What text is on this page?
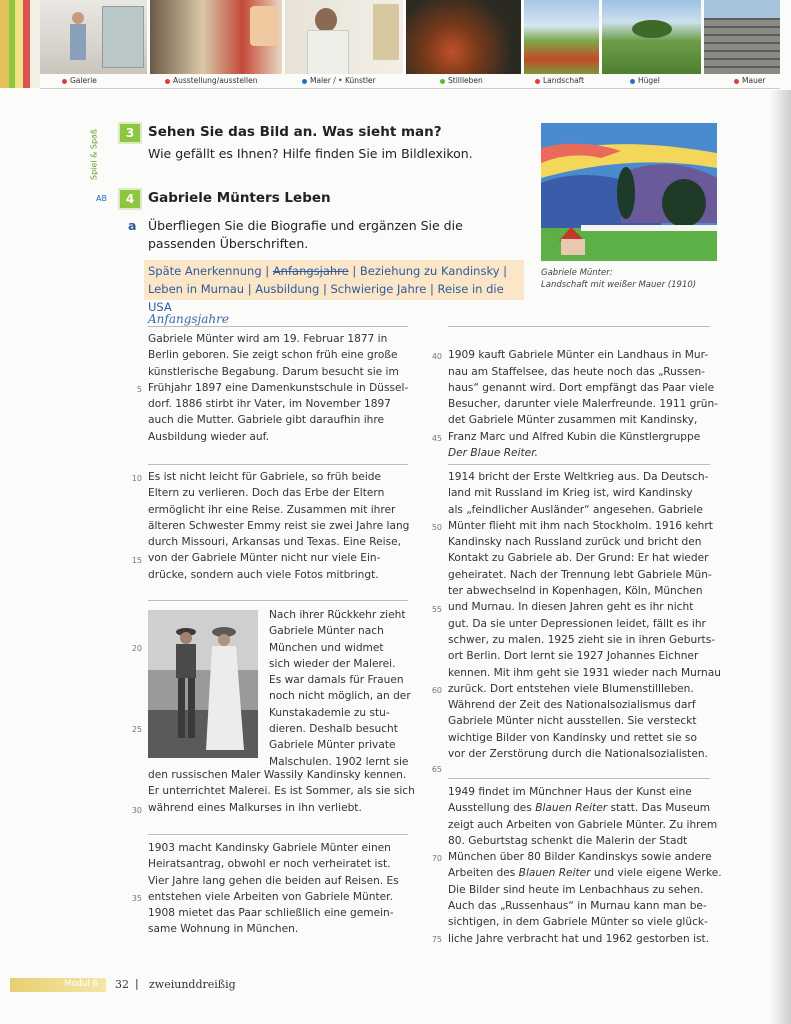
Galerie	Ausstellung/ausstellen	Maler / • Künstler	Stillleben	Landschaft	Hügel	Mauer
Spiel & Spaß
AB
3	Sehen Sie das Bild an. Was sieht man?
Wie gefällt es Ihnen? Hilfe finden Sie im Bildlexikon.
4	Gabriele Münters Leben
a Überfliegen Sie die Biografie und ergänzen Sie die
passenden Überschriften.
Späte Anerkennung | Anfangsjahre | Beziehung zu Kandinsky |
Leben in Murnau | Ausbildung | Schwierige Jahre | Reise in die USA
Gabriele Münter:
Landschaft mit weißer Mauer (1910)
Anfangsjahre
Gabriele Münter wird am 19. Februar 1877 in
Berlin geboren. Sie zeigt schon früh eine große
künstlerische Begabung. Darum besucht sie im
Frühjahr 1897 eine Damenkunstschule in Düssel-
dorf. 1886 stirbt ihr Vater, im November 1897
auch die Mutter. Gabriele gibt daraufhin ihre
Ausbildung wieder auf.
Es ist nicht leicht für Gabriele, so früh beide
Eltern zu verlieren. Doch das Erbe der Eltern
ermöglicht ihr eine Reise. Zusammen mit ihrer
älteren Schwester Emmy reist sie zwei Jahre lang
durch Missouri, Arkansas und Texas. Eine Reise,
von der Gabriele Münter nicht nur viele Ein-
drücke, sondern auch viele Fotos mitbringt.
Nach ihrer Rückkehr zieht
Gabriele Münter nach
München und widmet
sich wieder der Malerei.
Es war damals für Frauen
noch nicht möglich, an der
Kunstakademie zu stu-
dieren. Deshalb besucht
Gabriele Münter private
Malschulen. 1902 lernt sie
den russischen Maler Wassily Kandinsky kennen.
Er unterrichtet Malerei. Es ist Sommer, als sie sich
während eines Malkurses in ihn verliebt.
1903 macht Kandinsky Gabriele Münter einen
Heiratsantrag, obwohl er noch verheiratet ist.
Vier Jahre lang gehen die beiden auf Reisen. Es
entstehen viele Arbeiten von Gabriele Münter.
1908 mietet das Paar schließlich eine gemein-
same Wohnung in München.

1909 kauft Gabriele Münter ein Landhaus in Mur-
nau am Staffelsee, das heute noch das „Russen-
haus“ genannt wird. Dort empfängt das Paar viele
Besucher, darunter viele Malerfreunde. 1911 grün-
det Gabriele Münter zusammen mit Kandinsky,
Franz Marc und Alfred Kubin die Künstlergruppe
Der Blaue Reiter.

1914 bricht der Erste Weltkrieg aus. Da Deutsch-
land mit Russland im Krieg ist, wird Kandinsky
als „feindlicher Ausländer“ angesehen. Gabriele
Münter flieht mit ihm nach Stockholm. 1916 kehrt
Kandinsky nach Russland zurück und bricht den
Kontakt zu Gabriele ab. Der Grund: Er hat wieder
geheiratet. Nach der Trennung lebt Gabriele Mün-
ter abwechselnd in Kopenhagen, Köln, München
und Murnau. In diesen Jahren geht es ihr nicht
gut. Da sie unter Depressionen leidet, fällt es ihr
schwer, zu malen. 1925 zieht sie in ihren Geburts-
ort Berlin. Dort lernt sie 1927 Johannes Eichner
kennen. Mit ihm geht sie 1931 wieder nach Murnau
zurück. Dort entstehen viele Blumenstillleben.
Während der Zeit des Nationalsozialismus darf
Gabriele Münter nicht ausstellen. Sie versteckt
wichtige Bilder von Kandinsky und rettet sie so
vor der Zerstörung durch die Nationalsozialisten.
1949 findet im Münchner Haus der Kunst eine
Ausstellung des Blauen Reiter statt. Das Museum
zeigt auch Arbeiten von Gabriele Münter. Zu ihrem
80. Geburtstag schenkt die Malerin der Stadt
München über 80 Bilder Kandinskys sowie andere
Arbeiten des Blauen Reiter und viele eigene Werke.
Die Bilder sind heute im Lenbachhaus zu sehen.
Auch das „Russenhaus“ in Murnau kann man be-
sichtigen, in dem Gabriele Münter so viele glück-
liche Jahre verbracht hat und 1962 gestorben ist.
5
10
15
20
25
30
35
40
45
50
55
60
65
70
75
Modul 6 32 | zweiunddreißig
